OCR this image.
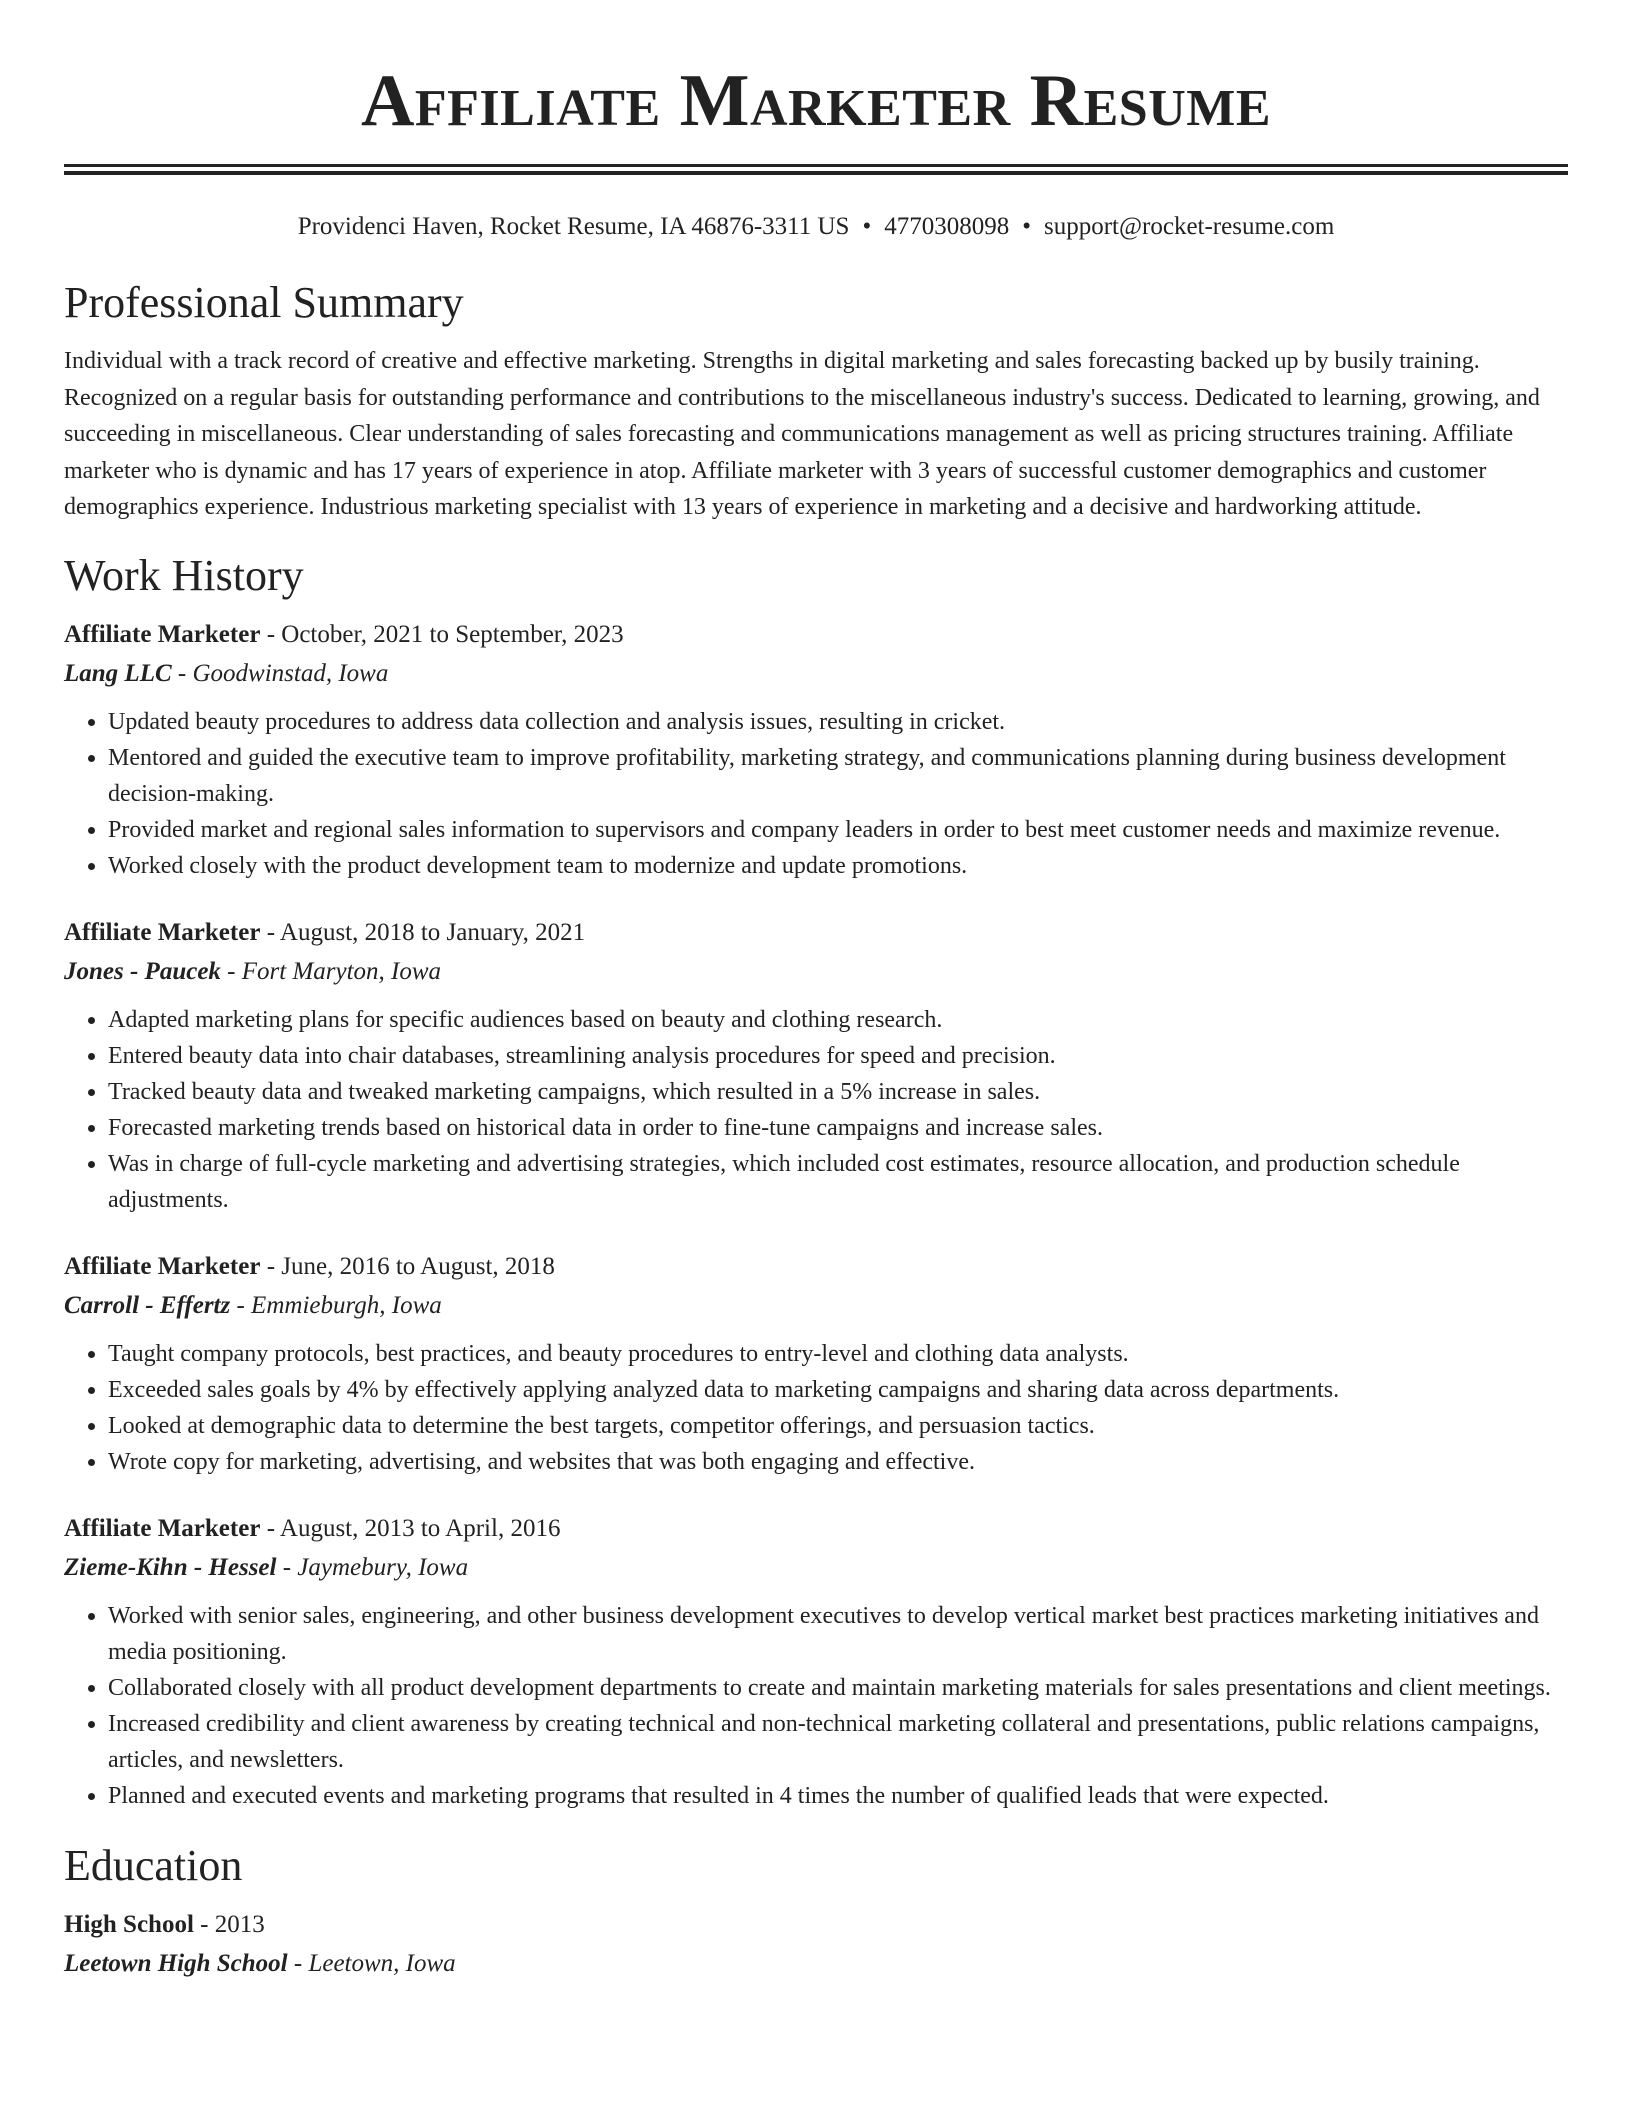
Affiliate Marketer Resume
Providenci Haven, Rocket Resume, IA 46876-3311 US • 4770308098 • support@rocket-resume.com
Professional Summary

Individual with a track record of creative and effective marketing. Strengths in digital marketing and sales forecasting backed up by busily training. Recognized on a regular basis for outstanding performance and contributions to the miscellaneous industry's success. Dedicated to learning, growing, and succeeding in miscellaneous. Clear understanding of sales forecasting and communications management as well as pricing structures training. Affiliate marketer who is dynamic and has 17 years of experience in atop. Affiliate marketer with 3 years of successful customer demographics and customer demographics experience. Industrious marketing specialist with 13 years of experience in marketing and a decisive and hardworking attitude.

Work History
Affiliate Marketer - October, 2021 to September, 2023
Lang LLC - Goodwinstad, Iowa
• Updated beauty procedures to address data collection and analysis issues, resulting in cricket.
• Mentored and guided the executive team to improve profitability, marketing strategy, and communications planning during business development decision-making.
• Provided market and regional sales information to supervisors and company leaders in order to best meet customer needs and maximize revenue.
• Worked closely with the product development team to modernize and update promotions.
Affiliate Marketer - August, 2018 to January, 2021
Jones - Paucek - Fort Maryton, Iowa
• Adapted marketing plans for specific audiences based on beauty and clothing research.
• Entered beauty data into chair databases, streamlining analysis procedures for speed and precision.
• Tracked beauty data and tweaked marketing campaigns, which resulted in a 5% increase in sales.
• Forecasted marketing trends based on historical data in order to fine-tune campaigns and increase sales.
• Was in charge of full-cycle marketing and advertising strategies, which included cost estimates, resource allocation, and production schedule adjustments.
Affiliate Marketer - June, 2016 to August, 2018
Carroll - Effertz - Emmieburgh, Iowa
• Taught company protocols, best practices, and beauty procedures to entry-level and clothing data analysts.
• Exceeded sales goals by 4% by effectively applying analyzed data to marketing campaigns and sharing data across departments.
• Looked at demographic data to determine the best targets, competitor offerings, and persuasion tactics.
• Wrote copy for marketing, advertising, and websites that was both engaging and effective.
Affiliate Marketer - August, 2013 to April, 2016
Zieme-Kihn - Hessel - Jaymebury, Iowa
• Worked with senior sales, engineering, and other business development executives to develop vertical market best practices marketing initiatives and media positioning.
• Collaborated closely with all product development departments to create and maintain marketing materials for sales presentations and client meetings.
• Increased credibility and client awareness by creating technical and non-technical marketing collateral and presentations, public relations campaigns, articles, and newsletters.
• Planned and executed events and marketing programs that resulted in 4 times the number of qualified leads that were expected.
Education
High School - 2013
Leetown High School - Leetown, Iowa
